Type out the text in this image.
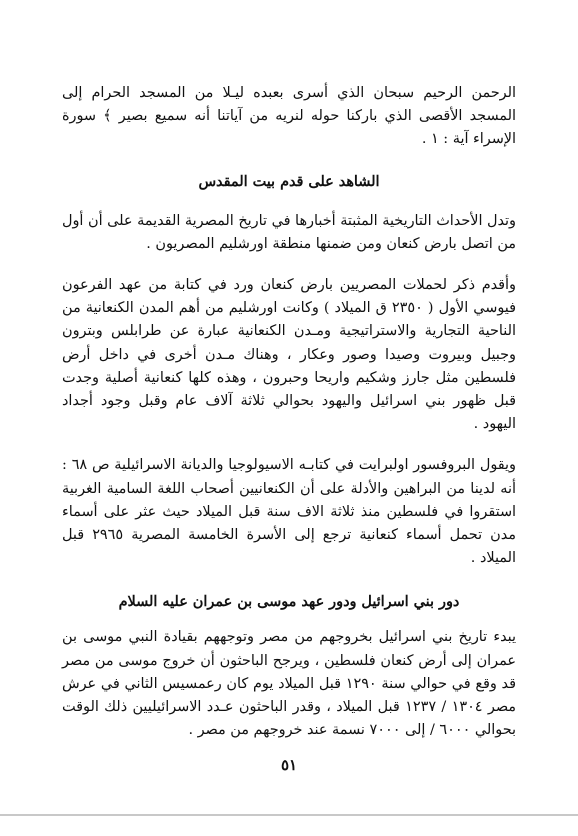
الرحمن الرحيم سبحان الذي أسرى بعبده ليـلا من المسجد الحرام إلى المسجد الأقصى الذي باركنا حوله لنريه من آياتنا أنه سميع بصير ﴾ سورة الإسراء آية : ١ .

الشاهد على قدم بيت المقدس

وتدل الأحداث التاريخية المثبتة أخبارها في تاريخ المصرية القديمة على أن أول من اتصل بارض كنعان ومن ضمنها منطقة اورشليم المصريون .

وأقدم ذكر لحملات المصريين بارض كنعان ورد في كتابة من عهد الفرعون فيوسي الأول ( ٢٣٥٠ ق الميلاد ) وكانت اورشليم من أهم المدن الكنعانية من الناحية التجارية والاستراتيجية ومـدن الكنعانية عبارة عن طرابلس وبترون وجبيل وبيروت وصيدا وصور وعكار ، وهناك مـدن أخرى في داخل أرض فلسطين مثل جارز وشكيم واريحا وحبرون ، وهذه كلها كنعانية أصلية وجدت قبل ظهور بني اسرائيل واليهود بحوالي ثلاثة آلاف عام وقبل وجود أجداد اليهود .

ويقول البروفسور اولبرايت في كتابـه الاسيولوجيا والديانة الاسرائيلية ص ٦٨ : أنه لدينا من البراهين والأدلة على أن الكنعانيين أصحاب اللغة السامية الغربية استقروا في فلسطين منذ ثلاثة الاف سنة قبل الميلاد حيث عثر على أسماء مدن تحمل أسماء كنعانية ترجع إلى الأسرة الخامسة المصرية ٢٩٦٥ قبل الميلاد .

دور بني اسرائيل ودور عهد موسى بن عمران عليه السلام

يبدء تاريخ بني اسرائيل بخروجهم من مصر وتوجههم بقيادة النبي موسى بن عمران إلى أرض كنعان فلسطين ، ويرجح الباحثون أن خروج موسى من مصر قد وقع في حوالي سنة ١٢٩٠ قبل الميلاد يوم كان رعمسيس الثاني في عرش مصر ١٣٠٤ / ١٢٣٧ قبل الميلاد ، وقدر الباحثون عـدد الاسرائيليين ذلك الوقت بحوالي ٦٠٠٠ / إلى ٧٠٠٠ نسمة عند خروجهم من مصر .

٥١
